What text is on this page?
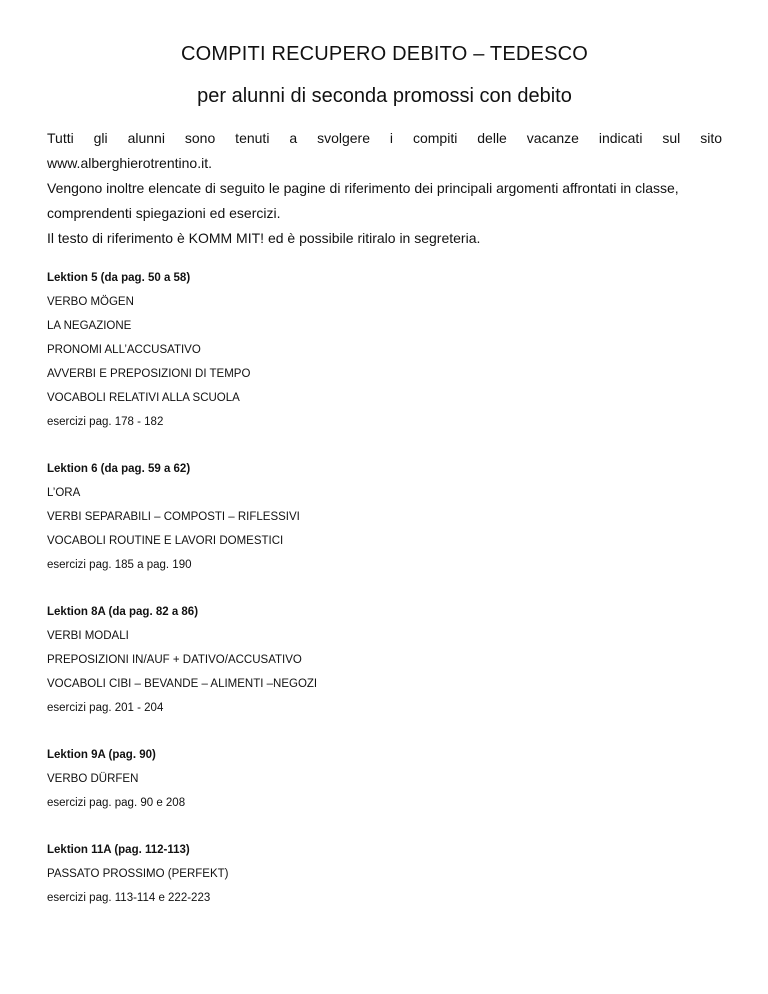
COMPITI RECUPERO DEBITO – TEDESCO
per alunni di seconda promossi con debito

Tutti gli alunni sono tenuti a svolgere i compiti delle vacanze indicati sul sito

www.alberghierotrentino.it.

Vengono inoltre elencate di seguito le pagine di riferimento dei principali argomenti affrontati in classe,

comprendenti spiegazioni ed esercizi.

Il testo di riferimento è KOMM MIT! ed è possibile ritiralo in segreteria.

Lektion 5 (da pag. 50 a 58)

VERBO MÖGEN

LA NEGAZIONE

PRONOMI ALL’ACCUSATIVO

AVVERBI E PREPOSIZIONI DI TEMPO

VOCABOLI RELATIVI ALLA SCUOLA

esercizi pag. 178 - 182

Lektion 6 (da pag. 59 a 62)

L’ORA

VERBI SEPARABILI – COMPOSTI – RIFLESSIVI

VOCABOLI ROUTINE E LAVORI DOMESTICI

esercizi pag. 185 a pag. 190

Lektion 8A (da pag. 82 a 86)

VERBI MODALI

PREPOSIZIONI IN/AUF + DATIVO/ACCUSATIVO

VOCABOLI CIBI – BEVANDE – ALIMENTI –NEGOZI

esercizi pag. 201 - 204

Lektion 9A (pag. 90)

VERBO DÜRFEN

esercizi pag. pag. 90 e 208

Lektion 11A (pag. 112-113)

PASSATO PROSSIMO (PERFEKT)

esercizi pag. 113-114 e 222-223
